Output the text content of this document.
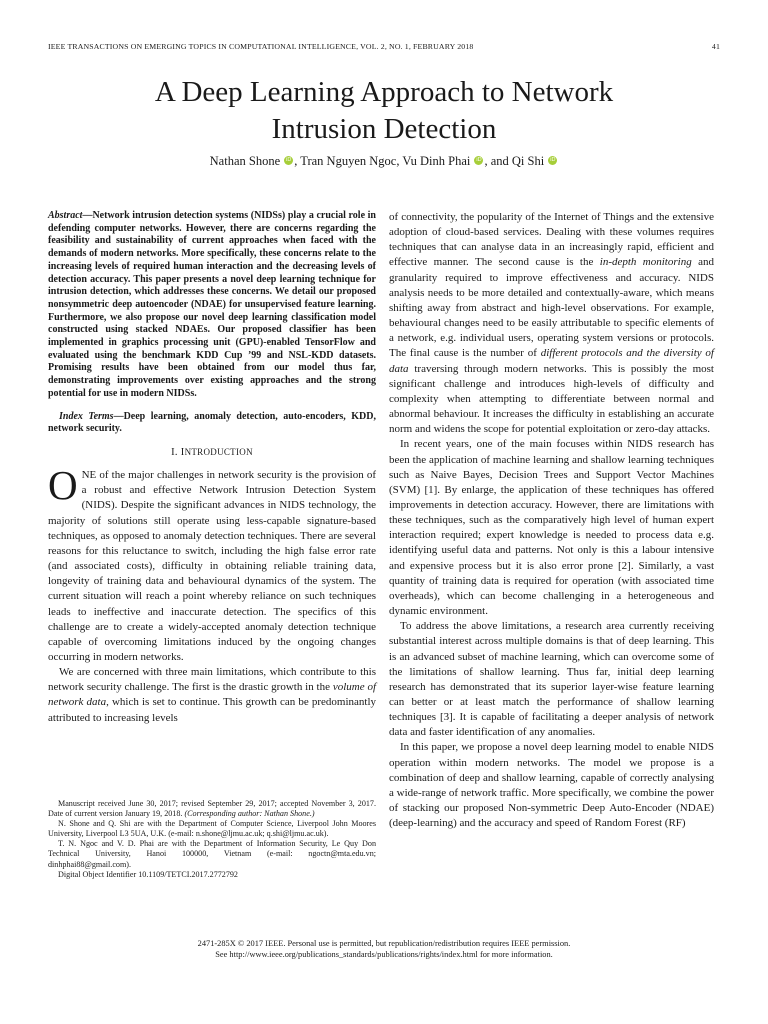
IEEE TRANSACTIONS ON EMERGING TOPICS IN COMPUTATIONAL INTELLIGENCE, VOL. 2, NO. 1, FEBRUARY 2018	41
A Deep Learning Approach to Network
Intrusion Detection
Nathan Shone iD , Tran Nguyen Ngoc, Vu Dinh Phai iD , and Qi Shi iD
Abstract—Network intrusion detection systems (NIDSs) play a crucial role in defending computer networks. However, there are concerns regarding the feasibility and sustainability of current approaches when faced with the demands of modern networks. More specifically, these concerns relate to the increasing levels of required human interaction and the decreasing levels of detection accuracy. This paper presents a novel deep learning technique for intrusion detection, which addresses these concerns. We detail our proposed nonsymmetric deep autoencoder (NDAE) for unsupervised feature learning. Furthermore, we also propose our novel deep learning classification model constructed using stacked NDAEs. Our proposed classifier has been implemented in graphics processing unit (GPU)-enabled TensorFlow and evaluated using the benchmark KDD Cup ’99 and NSL-KDD datasets. Promising results have been obtained from our model thus far, demonstrating improvements over existing approaches and the strong potential for use in modern NIDSs.
Index Terms—Deep learning, anomaly detection, auto-encoders, KDD, network security.
I. INTRODUCTION

ONE of the major challenges in network security is the provision of a robust and effective Network Intrusion Detection System (NIDS). Despite the significant advances in NIDS technology, the majority of solutions still operate using less-capable signature-based techniques, as opposed to anomaly detection techniques. There are several reasons for this reluctance to switch, including the high false error rate (and associated costs), difficulty in obtaining reliable training data, longevity of training data and behavioural dynamics of the system. The current situation will reach a point whereby reliance on such techniques leads to ineffective and inaccurate detection. The specifics of this challenge are to create a widely-accepted anomaly detection technique capable of overcoming limitations induced by the ongoing changes occurring in modern networks.

We are concerned with three main limitations, which contribute to this network security challenge. The first is the drastic growth in the volume of network data, which is set to continue. This growth can be predominantly attributed to increasing levels

of connectivity, the popularity of the Internet of Things and the extensive adoption of cloud-based services. Dealing with these volumes requires techniques that can analyse data in an increasingly rapid, efficient and effective manner. The second cause is the in-depth monitoring and granularity required to improve effectiveness and accuracy. NIDS analysis needs to be more detailed and contextually-aware, which means shifting away from abstract and high-level observations. For example, behavioural changes need to be easily attributable to specific elements of a network, e.g. individual users, operating system versions or protocols. The final cause is the number of different protocols and the diversity of data traversing through modern networks. This is possibly the most significant challenge and introduces high-levels of difficulty and complexity when attempting to differentiate between normal and abnormal behaviour. It increases the difficulty in establishing an accurate norm and widens the scope for potential exploitation or zero-day attacks.

In recent years, one of the main focuses within NIDS research has been the application of machine learning and shallow learning techniques such as Naive Bayes, Decision Trees and Support Vector Machines (SVM) [1]. By enlarge, the application of these techniques has offered improvements in detection accuracy. However, there are limitations with these techniques, such as the comparatively high level of human expert interaction required; expert knowledge is needed to process data e.g. identifying useful data and patterns. Not only is this a labour intensive and expensive process but it is also error prone [2]. Similarly, a vast quantity of training data is required for operation (with associated time overheads), which can become challenging in a heterogeneous and dynamic environment.

To address the above limitations, a research area currently receiving substantial interest across multiple domains is that of deep learning. This is an advanced subset of machine learning, which can overcome some of the limitations of shallow learning. Thus far, initial deep learning research has demonstrated that its superior layer-wise feature learning can better or at least match the performance of shallow learning techniques [3]. It is capable of facilitating a deeper analysis of network data and faster identification of any anomalies.

In this paper, we propose a novel deep learning model to enable NIDS operation within modern networks. The model we propose is a combination of deep and shallow learning, capable of correctly analysing a wide-range of network traffic. More specifically, we combine the power of stacking our proposed Non-symmetric Deep Auto-Encoder (NDAE) (deep-learning) and the accuracy and speed of Random Forest (RF)

Manuscript received June 30, 2017; revised September 29, 2017; accepted November 3, 2017. Date of current version January 19, 2018. (Corresponding author: Nathan Shone.)

N. Shone and Q. Shi are with the Department of Computer Science, Liverpool John Moores University, Liverpool L3 5UA, U.K. (e-mail: n.shone@ljmu.ac.uk; q.shi@ljmu.ac.uk).

T. N. Ngoc and V. D. Phai are with the Department of Information Security, Le Quy Don Technical University, Hanoi 100000, Vietnam (e-mail: ngoctn@mta.edu.vn; dinhphai88@gmail.com).

Digital Object Identifier 10.1109/TETCI.2017.2772792

2471-285X © 2017 IEEE. Personal use is permitted, but republication/redistribution requires IEEE permission.
See http://www.ieee.org/publications_standards/publications/rights/index.html for more information.
